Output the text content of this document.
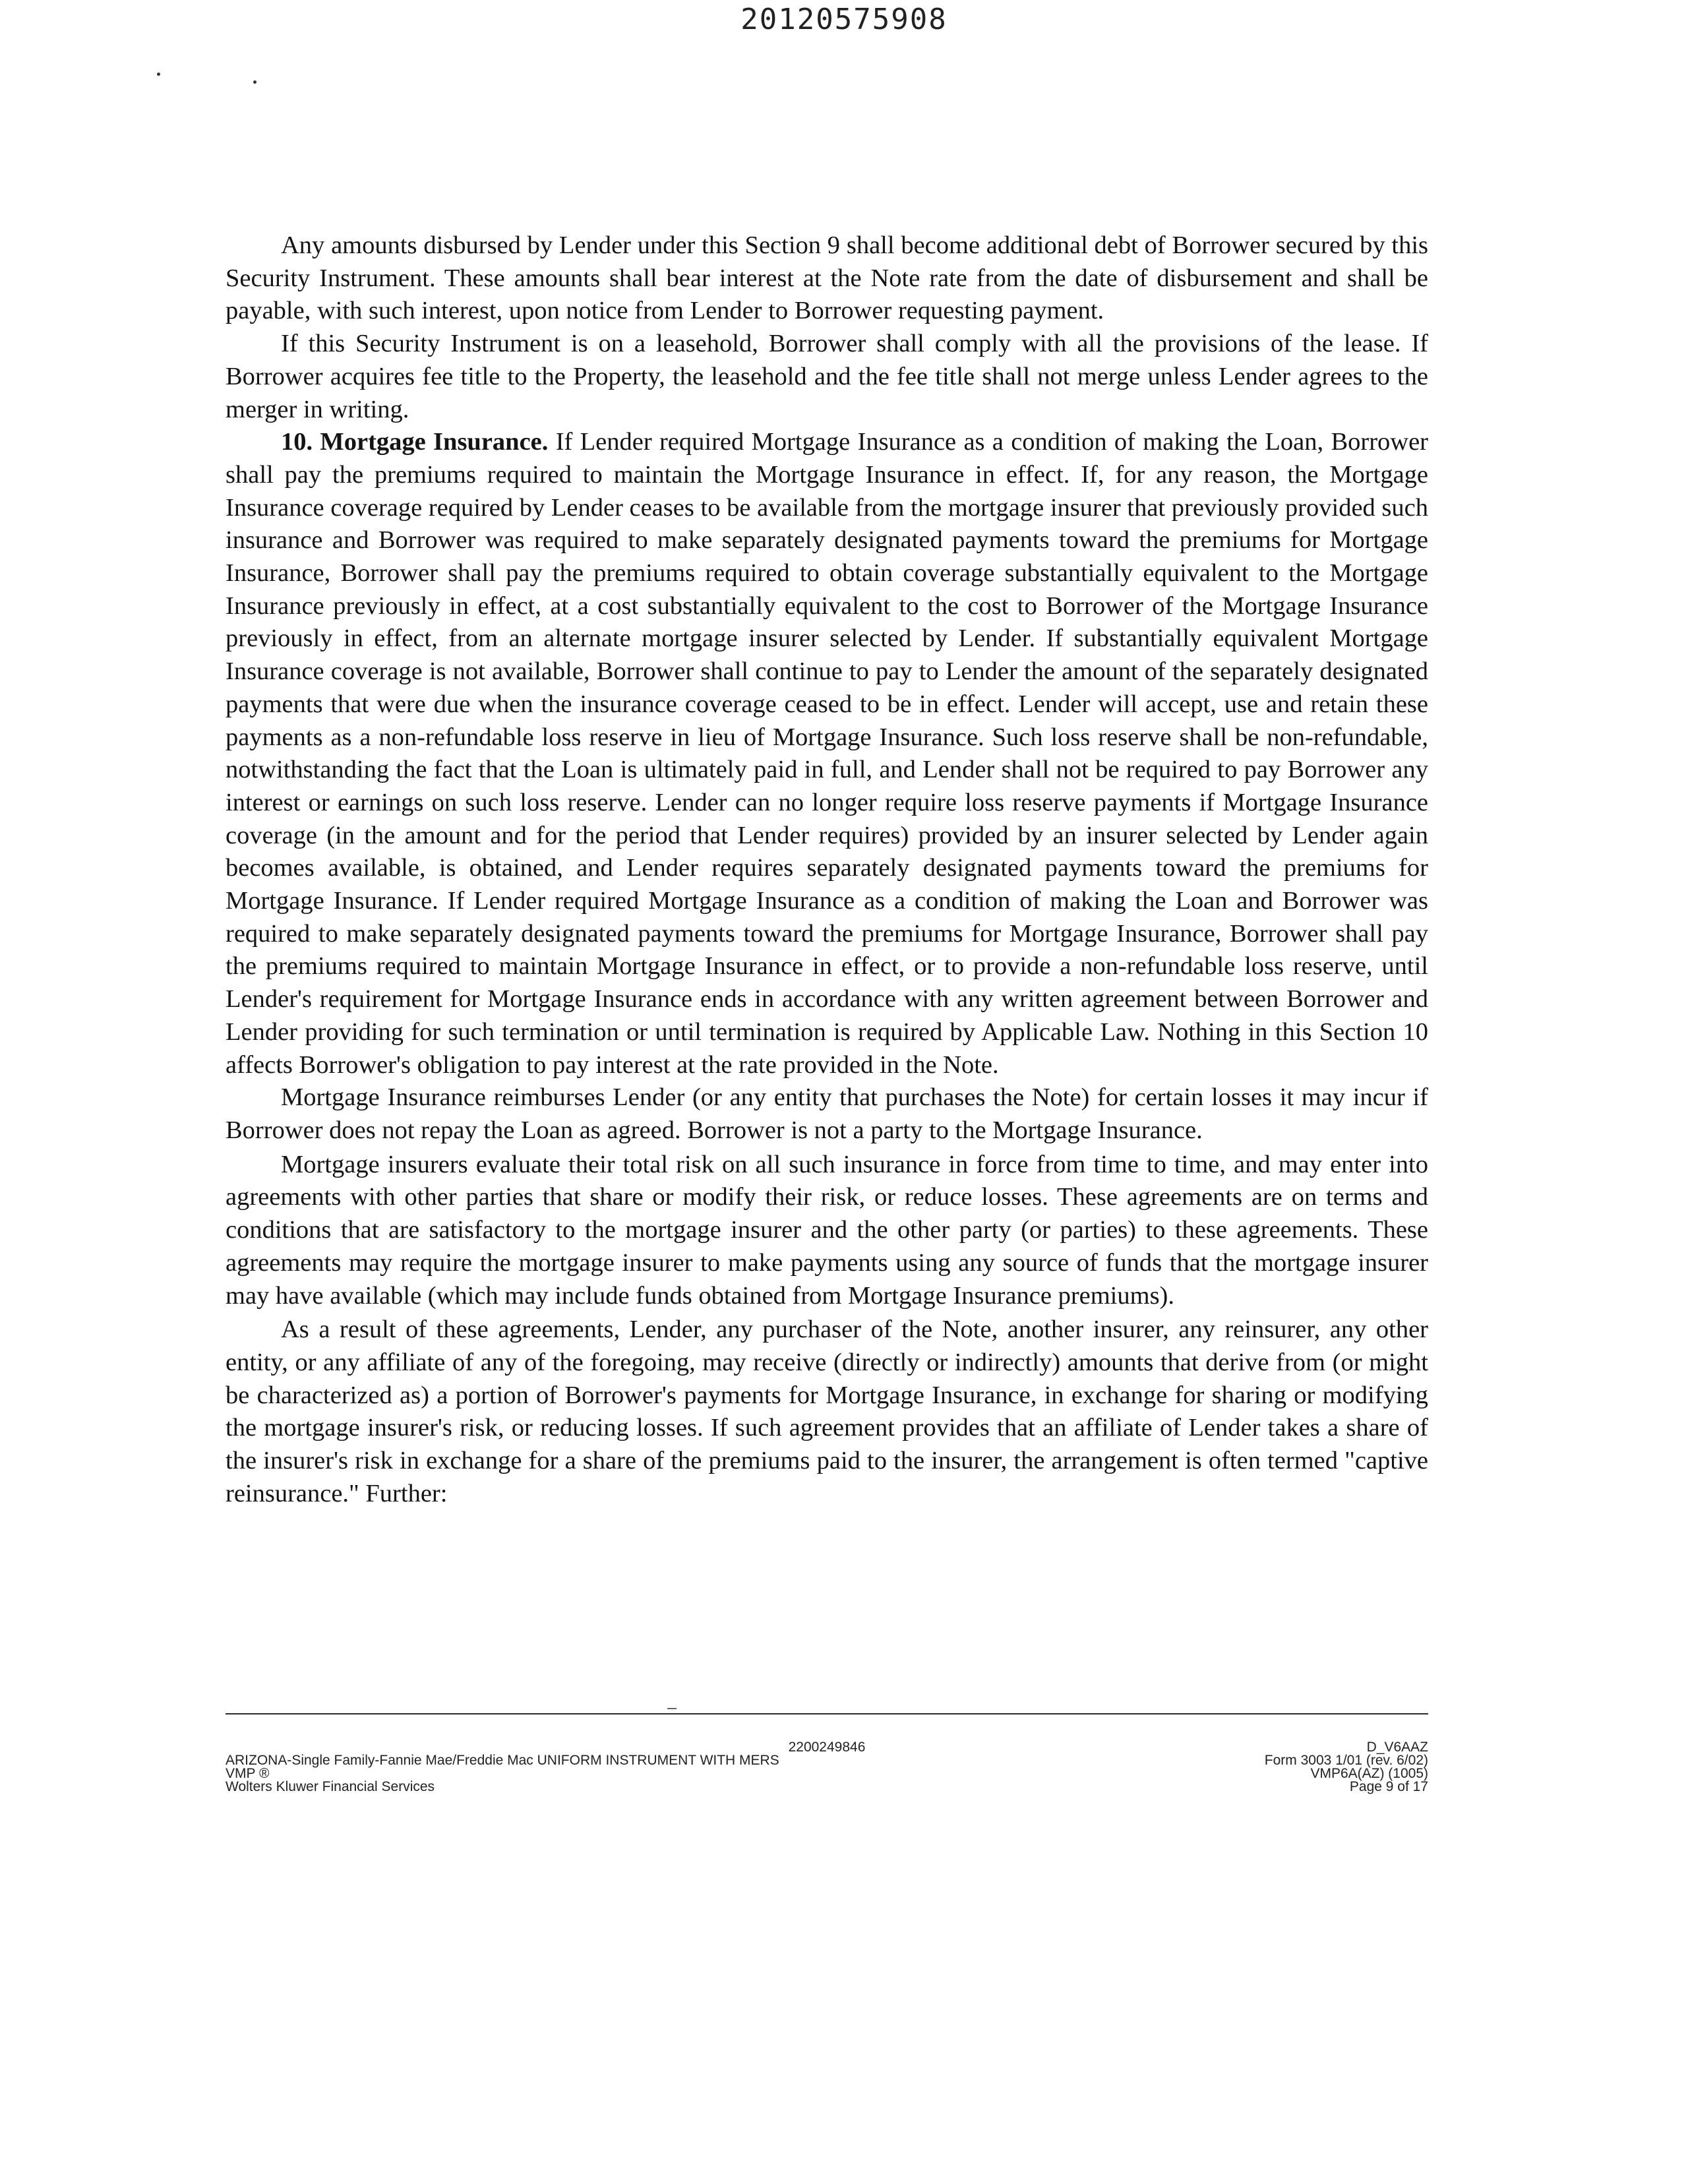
20120575908

Any amounts disbursed by Lender under this Section 9 shall become additional debt of Borrower secured by this Security Instrument. These amounts shall bear interest at the Note rate from the date of disbursement and shall be payable, with such interest, upon notice from Lender to Borrower requesting payment.

If this Security Instrument is on a leasehold, Borrower shall comply with all the provisions of the lease. If Borrower acquires fee title to the Property, the leasehold and the fee title shall not merge unless Lender agrees to the merger in writing.

10. Mortgage Insurance. If Lender required Mortgage Insurance as a condition of making the Loan, Borrower shall pay the premiums required to maintain the Mortgage Insurance in effect. If, for any reason, the Mortgage Insurance coverage required by Lender ceases to be available from the mortgage insurer that previously provided such insurance and Borrower was required to make separately designated payments toward the premiums for Mortgage Insurance, Borrower shall pay the premiums required to obtain coverage substantially equivalent to the Mortgage Insurance previously in effect, at a cost substantially equivalent to the cost to Borrower of the Mortgage Insurance previously in effect, from an alternate mortgage insurer selected by Lender. If substantially equivalent Mortgage Insurance coverage is not available, Borrower shall continue to pay to Lender the amount of the separately designated payments that were due when the insurance coverage ceased to be in effect. Lender will accept, use and retain these payments as a non-refundable loss reserve in lieu of Mortgage Insurance. Such loss reserve shall be non-refundable, notwithstanding the fact that the Loan is ultimately paid in full, and Lender shall not be required to pay Borrower any interest or earnings on such loss reserve. Lender can no longer require loss reserve payments if Mortgage Insurance coverage (in the amount and for the period that Lender requires) provided by an insurer selected by Lender again becomes available, is obtained, and Lender requires separately designated payments toward the premiums for Mortgage Insurance. If Lender required Mortgage Insurance as a condition of making the Loan and Borrower was required to make separately designated payments toward the premiums for Mortgage Insurance, Borrower shall pay the premiums required to maintain Mortgage Insurance in effect, or to provide a non-refundable loss reserve, until Lender's requirement for Mortgage Insurance ends in accordance with any written agreement between Borrower and Lender providing for such termination or until termination is required by Applicable Law. Nothing in this Section 10 affects Borrower's obligation to pay interest at the rate provided in the Note.

Mortgage Insurance reimburses Lender (or any entity that purchases the Note) for certain losses it may incur if Borrower does not repay the Loan as agreed. Borrower is not a party to the Mortgage Insurance.

Mortgage insurers evaluate their total risk on all such insurance in force from time to time, and may enter into agreements with other parties that share or modify their risk, or reduce losses. These agreements are on terms and conditions that are satisfactory to the mortgage insurer and the other party (or parties) to these agreements. These agreements may require the mortgage insurer to make payments using any source of funds that the mortgage insurer may have available (which may include funds obtained from Mortgage Insurance premiums).

As a result of these agreements, Lender, any purchaser of the Note, another insurer, any reinsurer, any other entity, or any affiliate of any of the foregoing, may receive (directly or indirectly) amounts that derive from (or might be characterized as) a portion of Borrower's payments for Mortgage Insurance, in exchange for sharing or modifying the mortgage insurer's risk, or reducing losses. If such agreement provides that an affiliate of Lender takes a share of the insurer's risk in exchange for a share of the premiums paid to the insurer, the arrangement is often termed "captive reinsurance." Further:

2200249846
ARIZONA-Single Family-Fannie Mae/Freddie Mac UNIFORM INSTRUMENT WITH MERS
VMP ®
Wolters Kluwer Financial Services
D_V6AAZ
Form 3003 1/01 (rev. 6/02)
VMP6A(AZ) (1005)
Page 9 of 17
